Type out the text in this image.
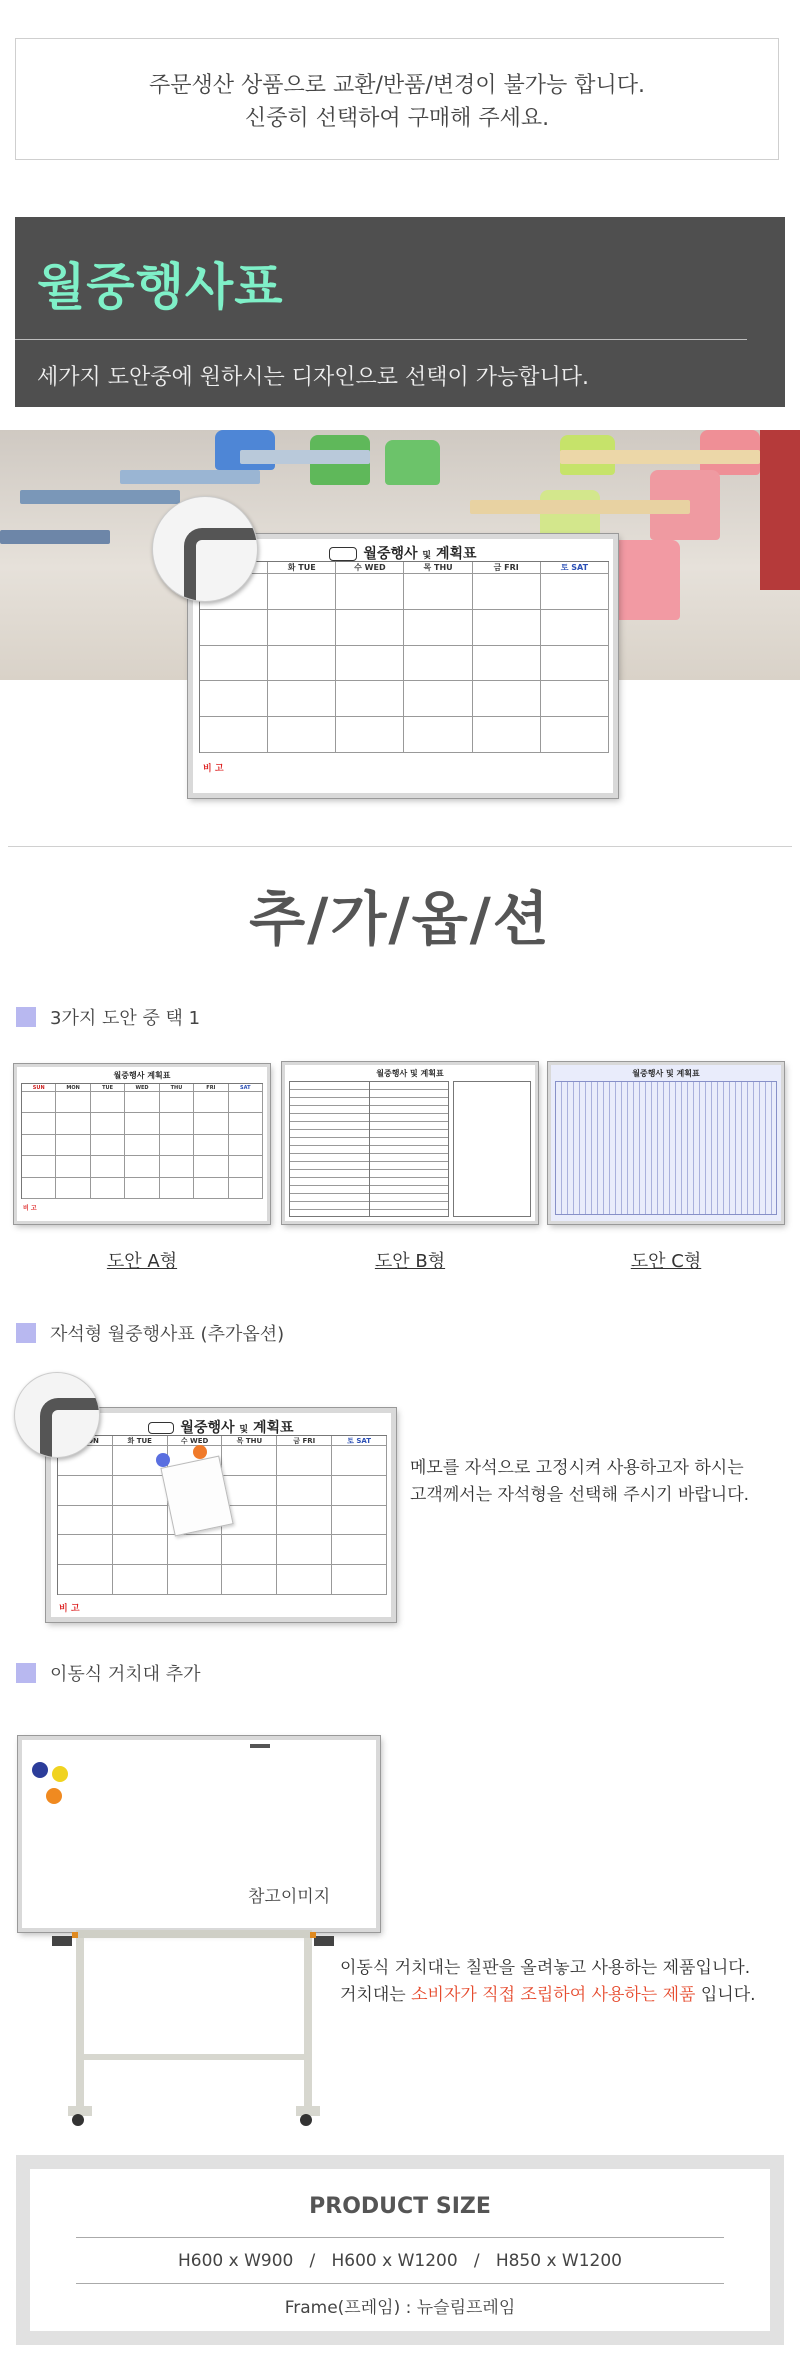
주문생산 상품으로 교환/반품/변경이 불가능 합니다.
신중히 선택하여 구매해 주세요.
월중행사표
세가지 도안중에 원하시는 디자인으로 선택이 가능합니다.
월중행사 및 계획표
화 TUE	수 WED	목 THU	금 FRI	토 SAT
비 고
추/가/옵/션
3가지 도안 중 택 1
월중행사 계획표
SUN	MON	TUE	WED	THU	FRI	SAT
비 고
도안 A형
월중행사 및 계획표
도안 B형
월중행사 및 계획표
도안 C형
자석형 월중행사표 (추가옵션)
월중행사 및 계획표
화 TUE	수 WED	목 THU	금 FRI	토 SAT
비 고
메모를 자석으로 고정시켜 사용하고자 하시는
고객께서는 자석형을 선택해 주시기 바랍니다.
이동식 거치대 추가
참고이미지
이동식 거치대는 칠판을 올려놓고 사용하는 제품입니다.
거치대는 소비자가 직접 조립하여 사용하는 제품 입니다.
PRODUCT SIZE
H600 x W900   /   H600 x W1200   /   H850 x W1200
Frame(프레임) : 뉴슬림프레임
